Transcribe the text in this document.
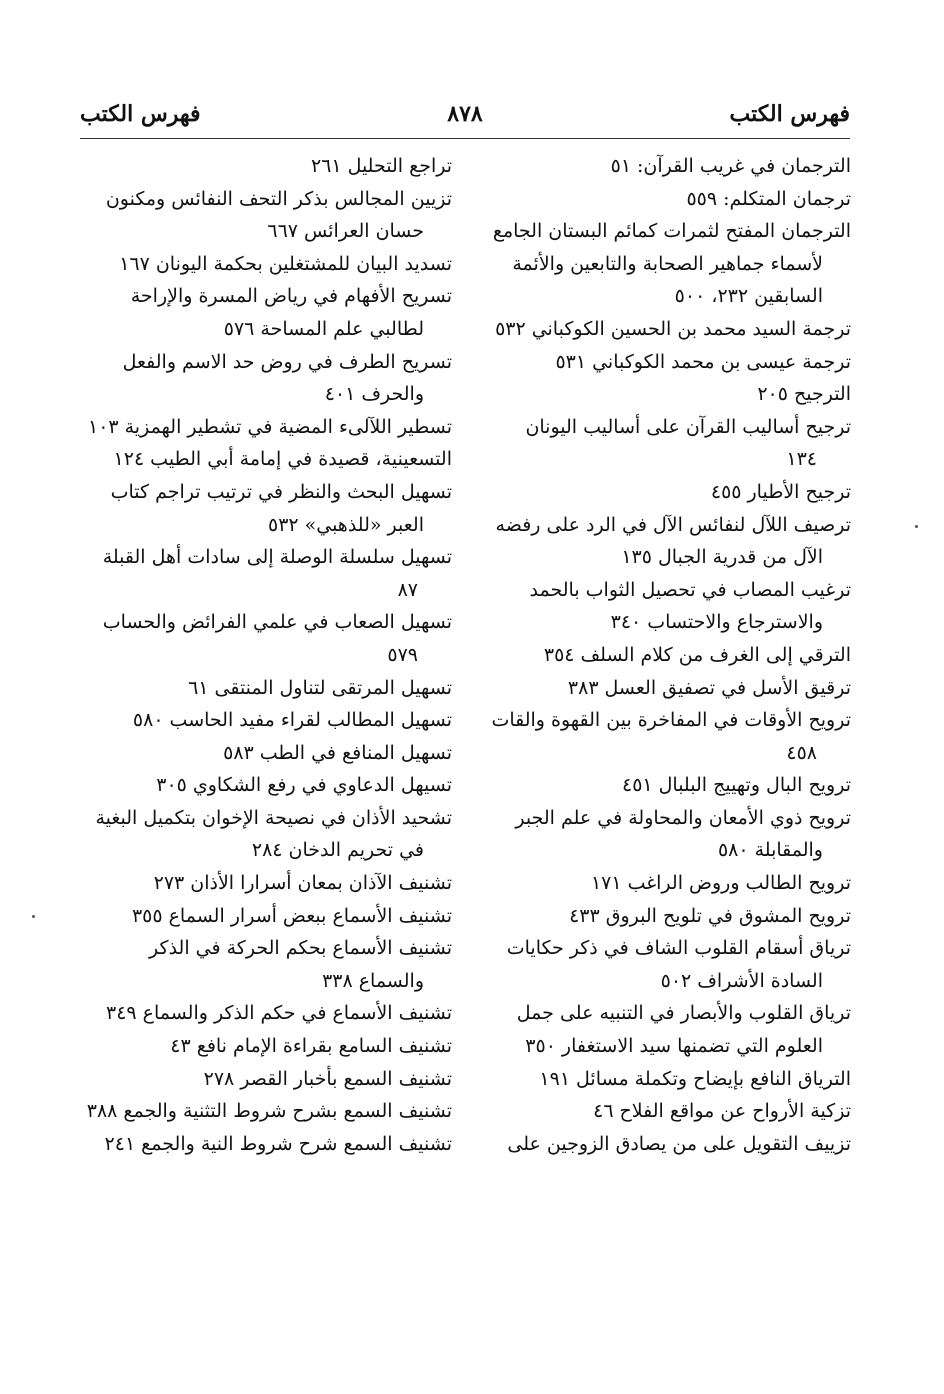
فهرس الكتب
٨٧٨
فهرس الكتب
الترجمان في غريب القرآن:٥١
ترجمان المتكلم:٥٥٩
الترجمان المفتح لثمرات كمائم البستان الجامع
لأسماء جماهير الصحابة والتابعين والأئمة
السابقين٢٣٢، ٥٠٠
ترجمة السيد محمد بن الحسين الكوكباني٥٣٢
ترجمة عيسى بن محمد الكوكباني٥٣١
الترجيح٢٠٥
ترجيح أساليب القرآن على أساليب اليونان
١٣٤
ترجيح الأطيار٤٥٥
ترصيف اللآل لنفائس الآل في الرد على رفضه
الآل من قدرية الجبال١٣٥
ترغيب المصاب في تحصيل الثواب بالحمد
والاسترجاع والاحتساب٣٤٠
الترقي إلى الغرف من كلام السلف٣٥٤
ترقيق الأسل في تصفيق العسل٣٨٣
ترويح الأوقات في المفاخرة بين القهوة والقات
٤٥٨
ترويح البال وتهييج البلبال٤٥١
ترويح ذوي الأمعان والمحاولة في علم الجبر
والمقابلة٥٨٠
ترويح الطالب وروض الراغب١٧١
ترويح المشوق في تلويح البروق٤٣٣
ترياق أسقام القلوب الشاف في ذكر حكايات
السادة الأشراف٥٠٢
ترياق القلوب والأبصار في التنبيه على جمل
العلوم التي تضمنها سيد الاستغفار٣٥٠
الترياق النافع بإيضاح وتكملة مسائل١٩١
تزكية الأرواح عن مواقع الفلاح٤٦
تزييف التقويل على من يصادق الزوجين على
تراجع التحليل٢٦١
تزيين المجالس بذكر التحف النفائس ومكنون
حسان العرائس٦٦٧
تسديد البيان للمشتغلين بحكمة اليونان١٦٧
تسريح الأفهام في رياض المسرة والإراحة
لطالبي علم المساحة٥٧٦
تسريح الطرف في روض حد الاسم والفعل
والحرف٤٠١
تسطير اللآلىء المضية في تشطير الهمزية١٠٣
التسعينية، قصيدة في إمامة أبي الطيب١٢٤
تسهيل البحث والنظر في ترتيب تراجم كتاب
العبر «للذهبي»٥٣٢
تسهيل سلسلة الوصلة إلى سادات أهل القبلة
٨٧
تسهيل الصعاب في علمي الفرائض والحساب
٥٧٩
تسهيل المرتقى لتناول المنتقى٦١
تسهيل المطالب لقراء مفيد الحاسب٥٨٠
تسهيل المنافع في الطب٥٨٣
تسيهل الدعاوي في رفع الشكاوي٣٠٥
تشحيد الأذان في نصيحة الإخوان بتكميل البغية
في تحريم الدخان٢٨٤
تشنيف الآذان بمعان أسرارا الأذان٢٧٣
تشنيف الأسماع ببعض أسرار السماع٣٥٥
تشنيف الأسماع بحكم الحركة في الذكر
والسماع٣٣٨
تشنيف الأسماع في حكم الذكر والسماع٣٤٩
تشنيف السامع بقراءة الإمام نافع٤٣
تشنيف السمع بأخبار القصر٢٧٨
تشنيف السمع بشرح شروط التثنية والجمع٣٨٨
تشنيف السمع شرح شروط النية والجمع٢٤١
